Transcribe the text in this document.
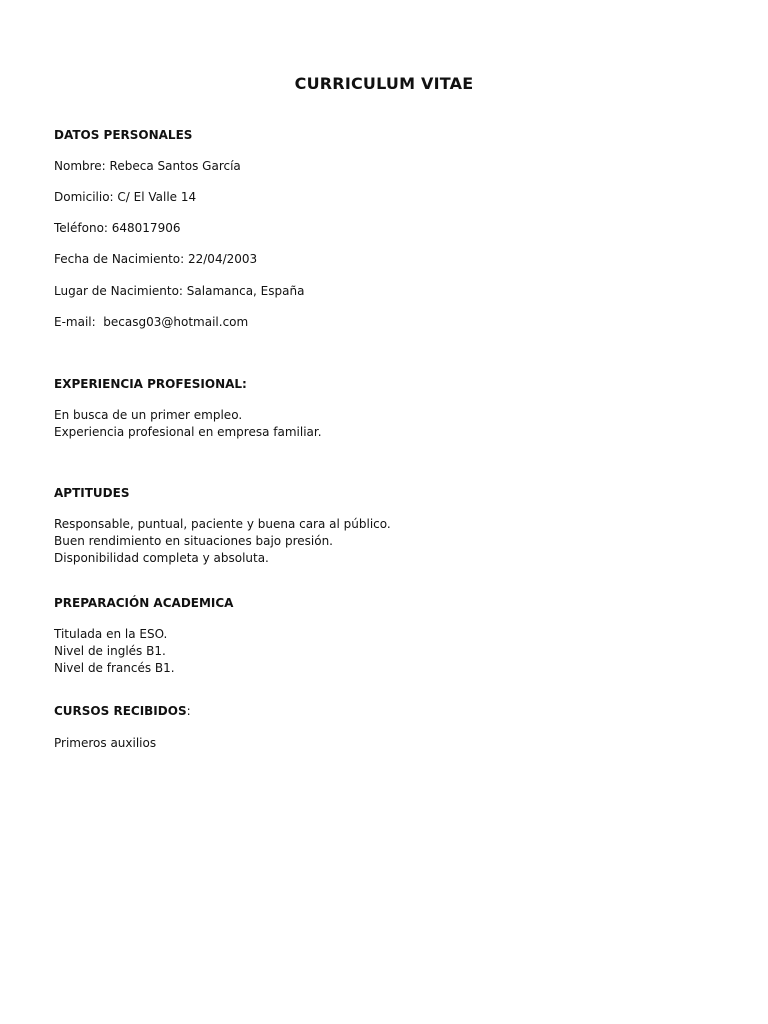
CURRICULUM VITAE
DATOS PERSONALES
Nombre: Rebeca Santos García
Domicilio: C/ El Valle 14
Teléfono: 648017906
Fecha de Nacimiento: 22/04/2003
Lugar de Nacimiento: Salamanca, España
E-mail:  becasg03@hotmail.com
EXPERIENCIA PROFESIONAL:
En busca de un primer empleo.
Experiencia profesional en empresa familiar.
APTITUDES
Responsable, puntual, paciente y buena cara al público.
Buen rendimiento en situaciones bajo presión.
Disponibilidad completa y absoluta.
PREPARACIÓN ACADEMICA
Titulada en la ESO.
Nivel de inglés B1.
Nivel de francés B1.
CURSOS RECIBIDOS:
Primeros auxilios
